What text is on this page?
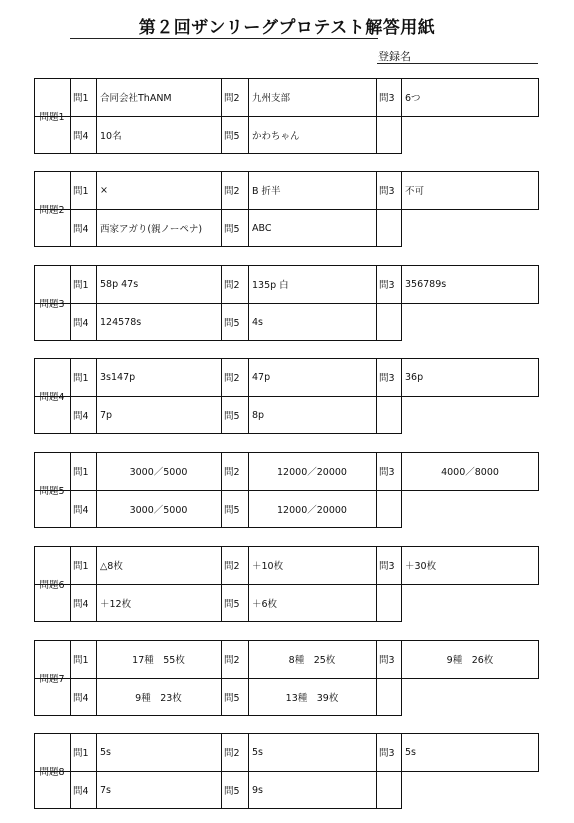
第２回ザンリーグプロテスト解答用紙
登録名
問題1
問1	合同会社ThANM	問2	九州支部	問3	6つ
問4	10名	問5	かわちゃん
問題2
問1	×	問2	B 折半	問3	不可
問4	西家アガり(親ノーペナ)	問5	ABC
問題3
問1	58p 47s	問2	135p 白	問3	356789s
問4	124578s	問5	4s
問題4
問1	3s147p	問2	47p	問3	36p
問4	7p	問5	8p
問題5
問1	3000／5000	問2	12000／20000	問3	4000／8000
問4	3000／5000	問5	12000／20000
問題6
問1	△8枚	問2	＋10枚	問3	＋30枚
問4	＋12枚	問5	＋6枚
問題7
問1	17種　55枚	問2	8種　25枚	問3	9種　26枚
問4	9種　23枚	問5	13種　39枚
問題8
問1	5s	問2	5s	問3	5s
問4	7s	問5	9s
